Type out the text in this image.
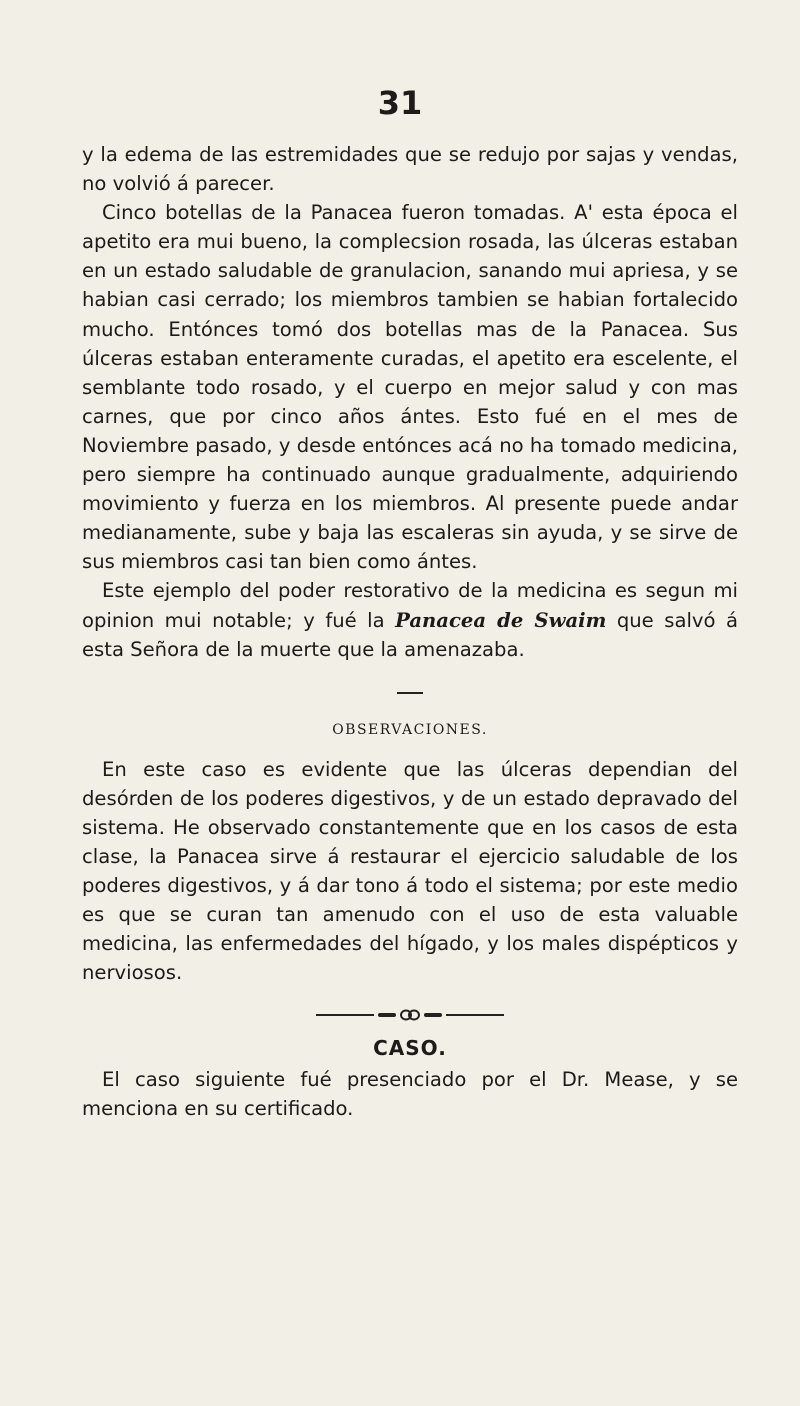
31

y la edema de las estremidades que se redujo por sajas y vendas, no volvió á parecer.

Cinco botellas de la Panacea fueron tomadas. A' esta época el apetito era mui bueno, la complecsion rosada, las úlceras estaban en un estado saludable de granulacion, sanando mui apriesa, y se habian casi cerrado; los miembros tambien se habian fortalecido mucho. Entónces tomó dos botellas mas de la Panacea. Sus úlceras estaban enteramente curadas, el apetito era escelente, el semblante todo rosado, y el cuerpo en mejor salud y con mas carnes, que por cinco años ántes. Esto fué en el mes de Noviembre pasado, y desde entónces acá no ha tomado medicina, pero siempre ha continuado aunque gradualmente, adquiriendo movimiento y fuerza en los miembros. Al presente puede andar medianamente, sube y baja las escaleras sin ayuda, y se sirve de sus miembros casi tan bien como ántes.

Este ejemplo del poder restorativo de la medicina es segun mi opinion mui notable; y fué la Panacea de Swaim que salvó á esta Señora de la muerte que la amenazaba.

OBSERVACIONES.

En este caso es evidente que las úlceras dependian del desórden de los poderes digestivos, y de un estado depravado del sistema. He observado constantemente que en los casos de esta clase, la Panacea sirve á restaurar el ejercicio saludable de los poderes digestivos, y á dar tono á todo el sistema; por este medio es que se curan tan amenudo con el uso de esta valuable medicina, las enfermedades del hígado, y los males dispépticos y nerviosos.

CASO.

El caso siguiente fué presenciado por el Dr. Mease, y se menciona en su certificado.
